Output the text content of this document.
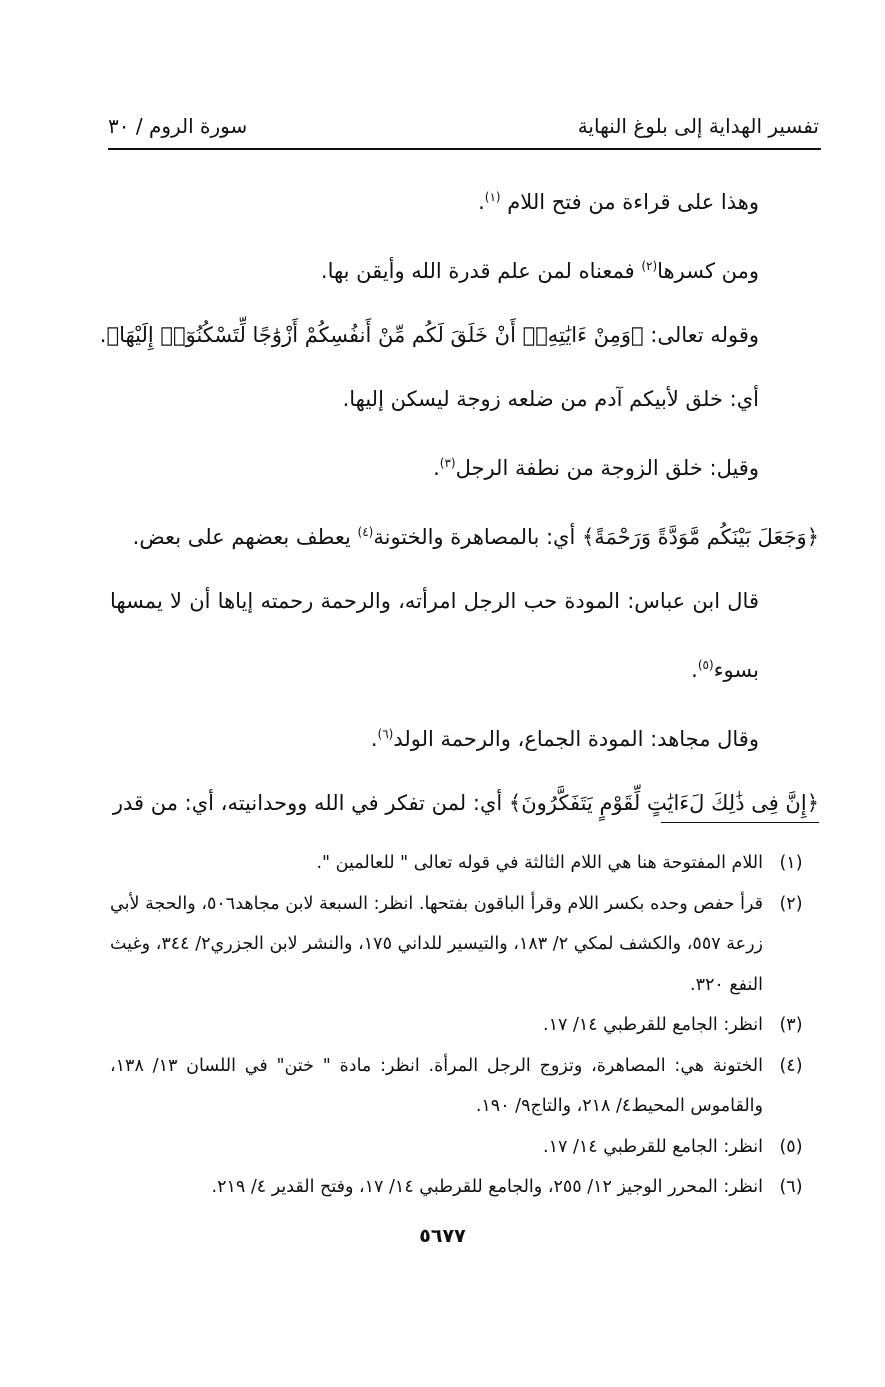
تفسير الهداية إلى بلوغ النهاية
سورة الروم / ٣٠

وهذا على قراءة من فتح اللام $^{(١)}$.

ومن كسرها$^{(٢)}$ فمعناه لمن علم قدرة الله وأيقن بها.

وقوله تعالى: ﴿وَمِنْ ءَايَٰتِهِۦٓ أَنْ خَلَقَ لَكُم مِّنْ أَنفُسِكُمْ أَزْوَٰجًا لِّتَسْكُنُوٓا۟ إِلَيْهَا﴾.

أي: خلق لأبيكم آدم من ضلعه زوجة ليسكن إليها.

وقيل: خلق الزوجة من نطفة الرجل$^{(٣)}$.

﴿وَجَعَلَ بَيْنَكُم مَّوَدَّةً وَرَحْمَةً﴾ أي: بالمصاهرة والختونة$^{(٤)}$ يعطف بعضهم على بعض.

قال ابن عباس: المودة حب الرجل امرأته، والرحمة رحمته إياها أن لا يمسها بسوء$^{(٥)}$.

وقال مجاهد: المودة الجماع، والرحمة الولد$^{(٦)}$.

﴿إِنَّ فِى ذَٰلِكَ لَءَايَٰتٍ لِّقَوْمٍ يَتَفَكَّرُونَ﴾ أي: لمن تفكر في الله ووحدانيته، أي: من قدر

(١)
اللام المفتوحة هنا هي اللام الثالثة في قوله تعالى " للعالمين ".
(٢)
قرأ حفص وحده بكسر اللام وقرأ الباقون بفتحها. انظر: السبعة لابن مجاهد٥٠٦، والحجة لأبي زرعة ٥٥٧، والكشف لمكي ٢/ ١٨٣، والتيسير للداني ١٧٥، والنشر لابن الجزري٢/ ٣٤٤، وغيث النفع ٣٢٠.
(٣)
انظر: الجامع للقرطبي ١٤/ ١٧.
(٤)
الختونة هي: المصاهرة، وتزوج الرجل المرأة. انظر: مادة " ختن" في اللسان ١٣/ ١٣٨، والقاموس المحيط٤/ ٢١٨، والتاج٩/ ١٩٠.
(٥)
انظر: الجامع للقرطبي ١٤/ ١٧.
(٦)
انظر: المحرر الوجيز ١٢/ ٢٥٥، والجامع للقرطبي ١٤/ ١٧، وفتح القدير ٤/ ٢١٩.
٥٦٧٧
